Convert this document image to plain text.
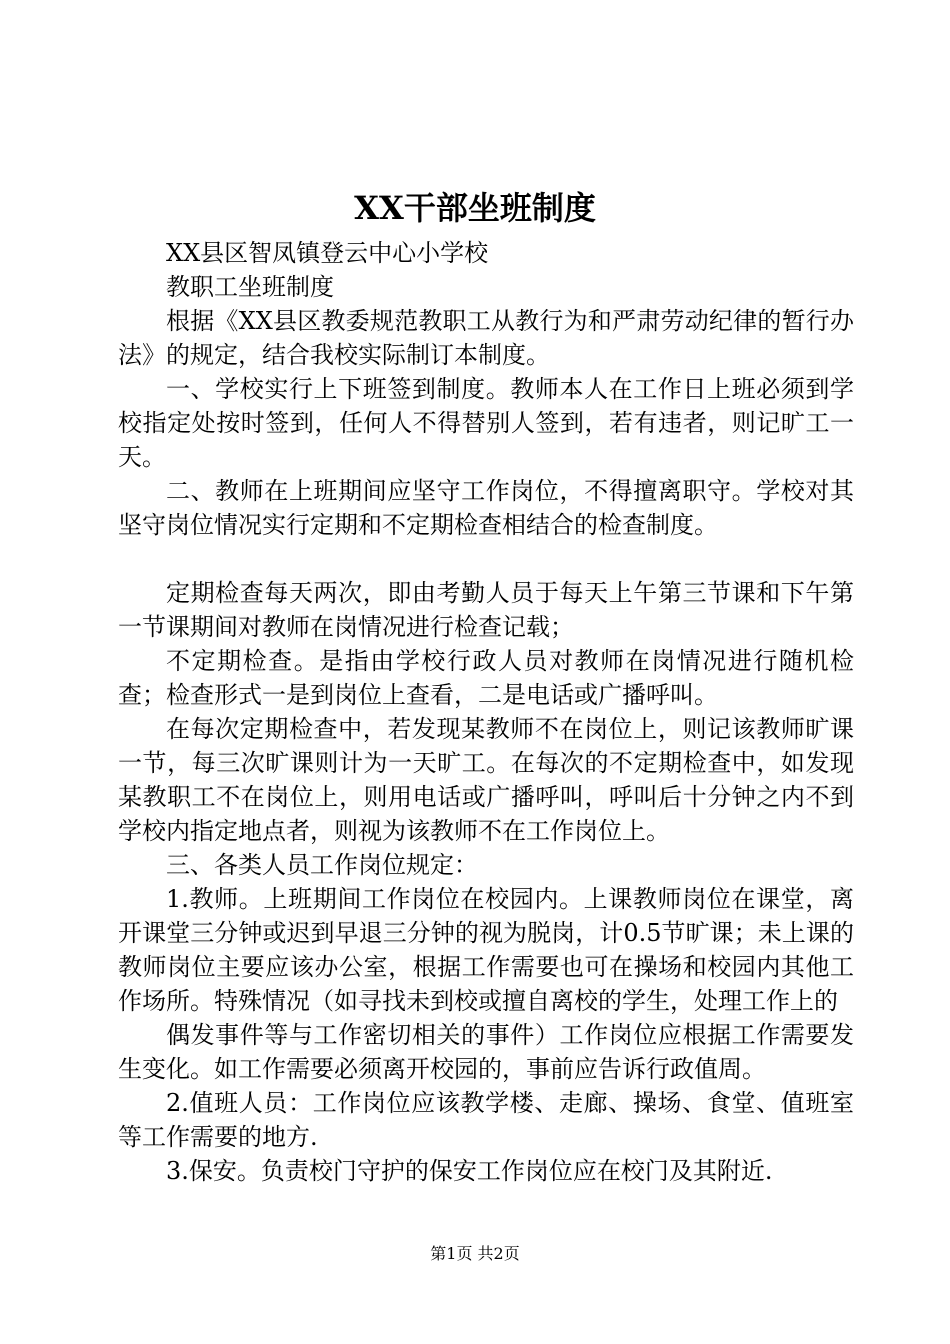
XX干部坐班制度

XX县区智凤镇登云中心小学校

教职工坐班制度

根据《XX县区教委规范教职工从教行为和严肃劳动纪律的暂行办法》的规定，结合我校实际制订本制度。

一、学校实行上下班签到制度。教师本人在工作日上班必须到学校指定处按时签到，任何人不得替别人签到，若有违者，则记旷工一天。

二、教师在上班期间应坚守工作岗位，不得擅离职守。学校对其坚守岗位情况实行定期和不定期检查相结合的检查制度。

定期检查每天两次，即由考勤人员于每天上午第三节课和下午第一节课期间对教师在岗情况进行检查记载；

不定期检查。是指由学校行政人员对教师在岗情况进行随机检查；检查形式一是到岗位上查看，二是电话或广播呼叫。

在每次定期检查中，若发现某教师不在岗位上，则记该教师旷课一节，每三次旷课则计为一天旷工。在每次的不定期检查中，如发现某教职工不在岗位上，则用电话或广播呼叫，呼叫后十分钟之内不到学校内指定地点者，则视为该教师不在工作岗位上。

三、各类人员工作岗位规定：

1.教师。上班期间工作岗位在校园内。上课教师岗位在课堂，离开课堂三分钟或迟到早退三分钟的视为脱岗，计0.5节旷课；未上课的教师岗位主要应该办公室，根据工作需要也可在操场和校园内其他工作场所。特殊情况（如寻找未到校或擅自离校的学生，处理工作上的

偶发事件等与工作密切相关的事件）工作岗位应根据工作需要发生变化。如工作需要必须离开校园的，事前应告诉行政值周。

2.值班人员：工作岗位应该教学楼、走廊、操场、食堂、值班室等工作需要的地方.

3.保安。负责校门守护的保安工作岗位应在校门及其附近.

第1页 共2页
